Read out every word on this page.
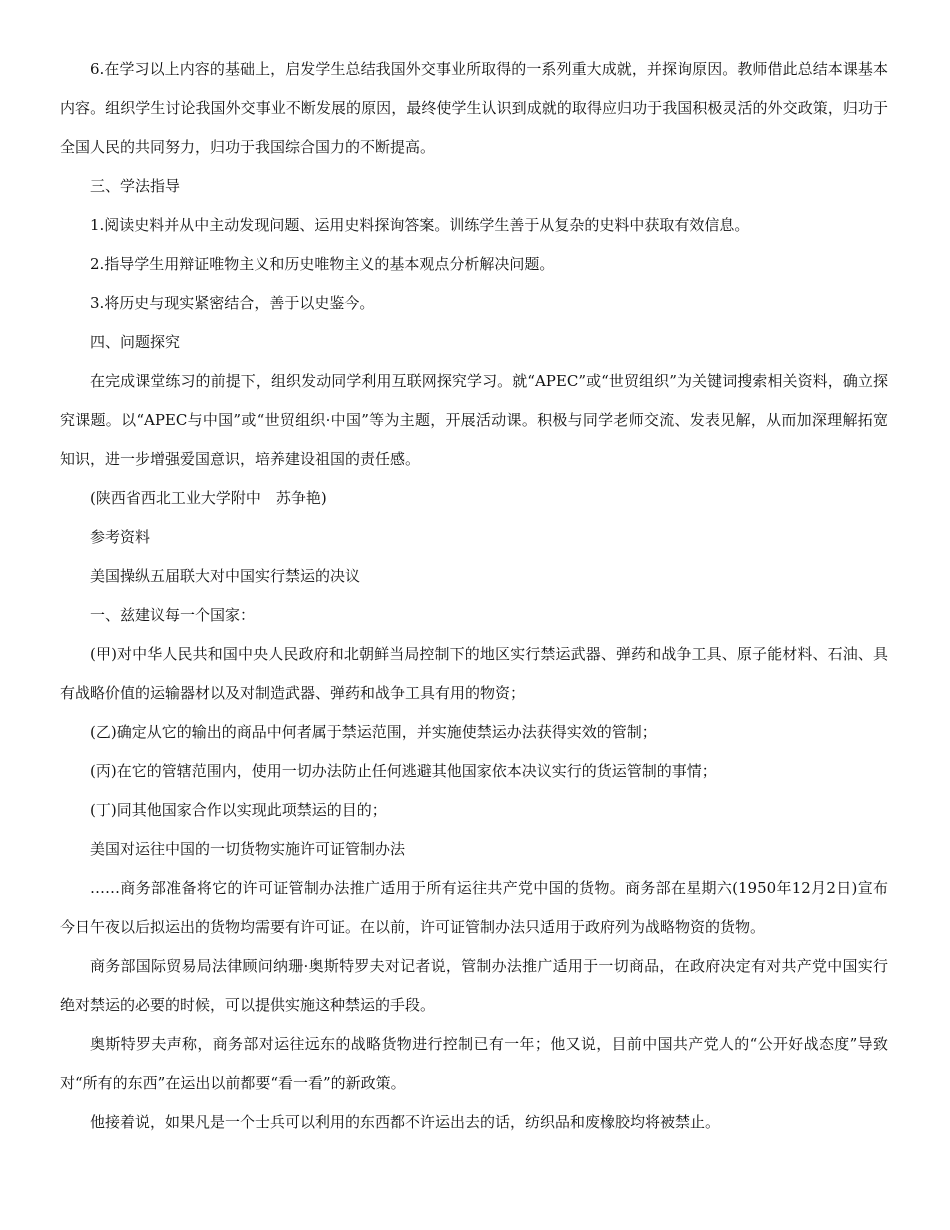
6.在学习以上内容的基础上，启发学生总结我国外交事业所取得的一系列重大成就，并探询原因。教师借此总结本课基本内容。组织学生讨论我国外交事业不断发展的原因，最终使学生认识到成就的取得应归功于我国积极灵活的外交政策，归功于全国人民的共同努力，归功于我国综合国力的不断提高。

三、学法指导

1.阅读史料并从中主动发现问题、运用史料探询答案。训练学生善于从复杂的史料中获取有效信息。

2.指导学生用辩证唯物主义和历史唯物主义的基本观点分析解决问题。

3.将历史与现实紧密结合，善于以史鉴今。

四、问题探究

在完成课堂练习的前提下，组织发动同学利用互联网探究学习。就“APEC”或“世贸组织”为关键词搜索相关资料，确立探究课题。以“APEC与中国”或“世贸组织·中国”等为主题，开展活动课。积极与同学老师交流、发表见解，从而加深理解拓宽知识，进一步增强爱国意识，培养建设祖国的责任感。

(陕西省西北工业大学附中　苏争艳)

参考资料

美国操纵五届联大对中国实行禁运的决议

一、兹建议每一个国家：

(甲)对中华人民共和国中央人民政府和北朝鲜当局控制下的地区实行禁运武器、弹药和战争工具、原子能材料、石油、具有战略价值的运输器材以及对制造武器、弹药和战争工具有用的物资；

(乙)确定从它的输出的商品中何者属于禁运范围，并实施使禁运办法获得实效的管制；

(丙)在它的管辖范围内，使用一切办法防止任何逃避其他国家依本决议实行的货运管制的事情；

(丁)同其他国家合作以实现此项禁运的目的；

美国对运往中国的一切货物实施许可证管制办法

……商务部准备将它的许可证管制办法推广适用于所有运往共产党中国的货物。商务部在星期六(1950年12月2日)宣布今日午夜以后拟运出的货物均需要有许可证。在以前，许可证管制办法只适用于政府列为战略物资的货物。

商务部国际贸易局法律顾问纳珊·奥斯特罗夫对记者说，管制办法推广适用于一切商品，在政府决定有对共产党中国实行绝对禁运的必要的时候，可以提供实施这种禁运的手段。

奥斯特罗夫声称，商务部对运往远东的战略货物进行控制已有一年；他又说，目前中国共产党人的“公开好战态度”导致对“所有的东西”在运出以前都要“看一看”的新政策。

他接着说，如果凡是一个士兵可以利用的东西都不许运出去的话，纺织品和废橡胶均将被禁止。
